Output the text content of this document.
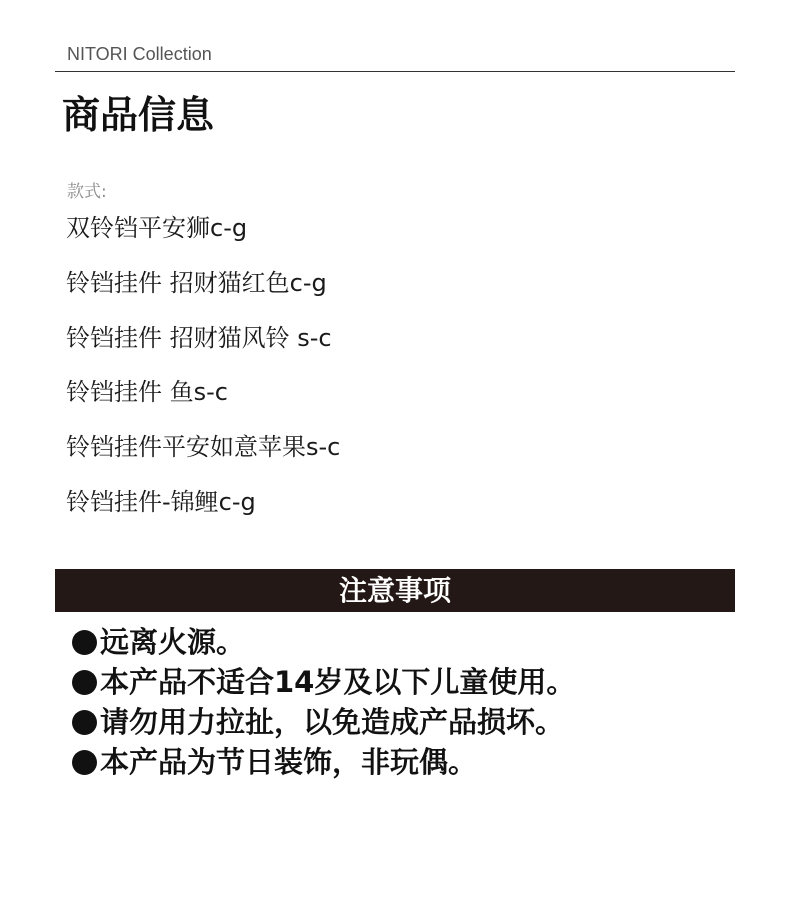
NITORI Collection
商品信息
款式:
双铃铛平安狮c-g
铃铛挂件 招财猫红色c-g
铃铛挂件 招财猫风铃 s-c
铃铛挂件 鱼s-c
铃铛挂件平安如意苹果s-c
铃铛挂件-锦鲤c-g
注意事项
远离火源。
本产品不适合14岁及以下儿童使用。
请勿用力拉扯，以免造成产品损坏。
本产品为节日装饰，非玩偶。
